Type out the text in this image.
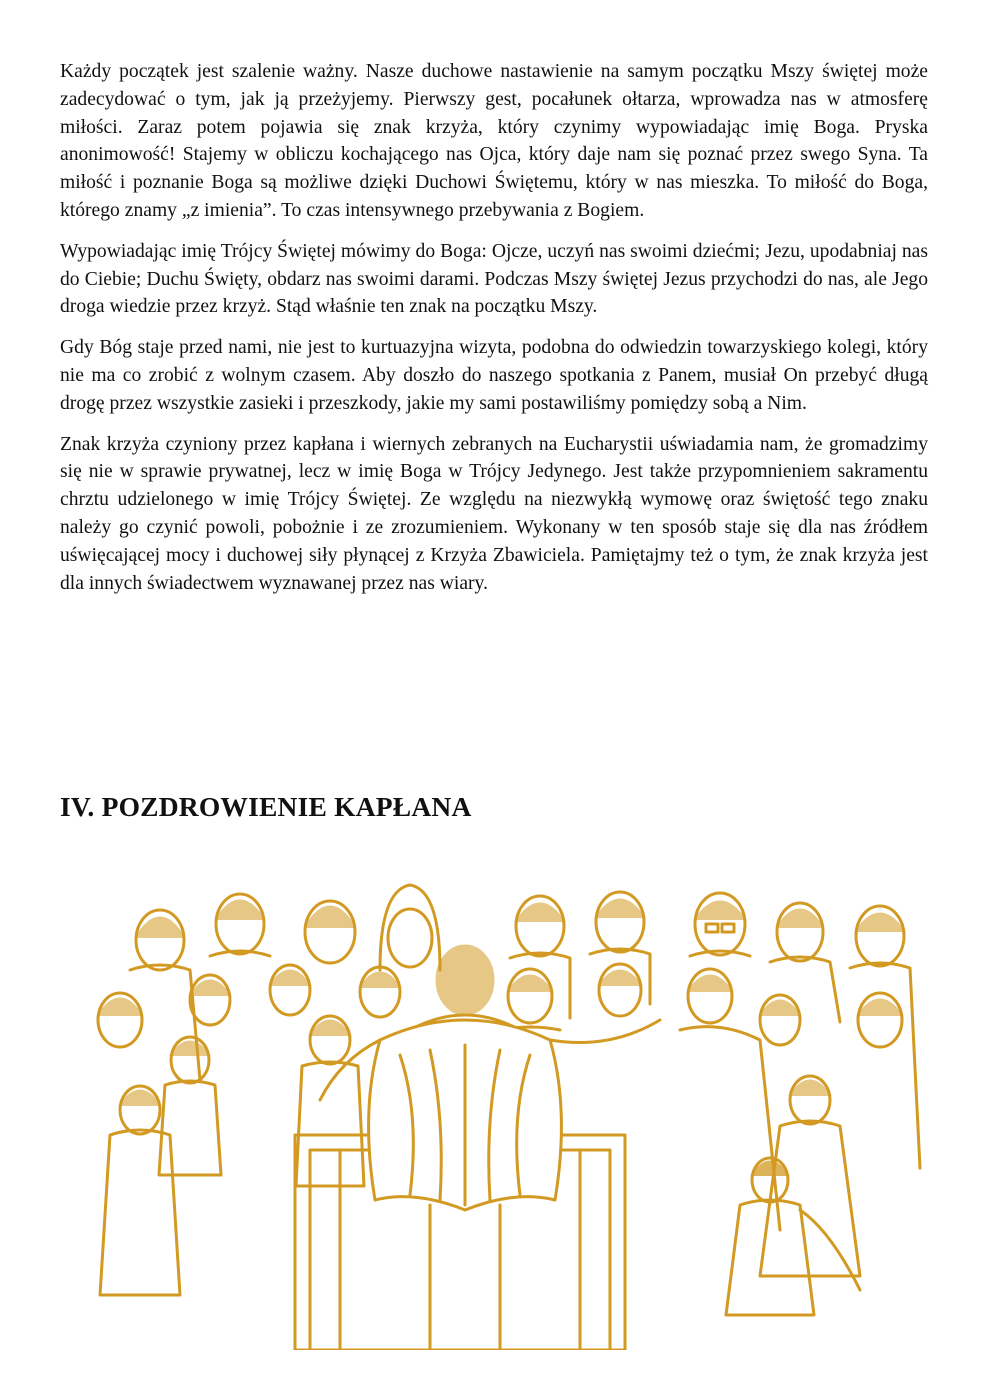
Każdy początek jest szalenie ważny. Nasze duchowe nastawienie na samym początku Mszy świętej może zadecydować o tym, jak ją przeżyjemy. Pierwszy gest, pocałunek ołtarza, wprowadza nas w atmosferę miłości. Zaraz potem pojawia się znak krzyża, który czynimy wypowiadając imię Boga. Pryska anonimowość! Stajemy w obliczu kochającego nas Ojca, który daje nam się poznać przez swego Syna. Ta miłość i poznanie Boga są możliwe dzięki Duchowi Świętemu, który w nas mieszka. To miłość do Boga, którego znamy „z imienia”. To czas intensywnego przebywania z Bogiem.

Wypowiadając imię Trójcy Świętej mówimy do Boga: Ojcze, uczyń nas swoimi dziećmi; Jezu, upodabniaj nas do Ciebie; Duchu Święty, obdarz nas swoimi darami. Podczas Mszy świętej Jezus przychodzi do nas, ale Jego droga wiedzie przez krzyż. Stąd właśnie ten znak na początku Mszy.

Gdy Bóg staje przed nami, nie jest to kurtuazyjna wizyta, podobna do odwiedzin towarzyskiego kolegi, który nie ma co zrobić z wolnym czasem. Aby doszło do naszego spotkania z Panem, musiał On przebyć długą drogę przez wszystkie zasieki i przeszkody, jakie my sami postawiliśmy pomiędzy sobą a Nim.

Znak krzyża czyniony przez kapłana i wiernych zebranych na Eucharystii uświadamia nam, że gromadzimy się nie w sprawie prywatnej, lecz w imię Boga w Trójcy Jedynego. Jest także przypomnieniem sakramentu chrztu udzielonego w imię Trójcy Świętej. Ze względu na niezwykłą wymowę oraz świętość tego znaku należy go czynić powoli, pobożnie i ze zrozumieniem. Wykonany w ten sposób staje się dla nas źródłem uświęcającej mocy i duchowej siły płynącej z Krzyża Zbawiciela. Pamiętajmy też o tym, że znak krzyża jest dla innych świadectwem wyznawanej przez nas wiary.

IV. POZDROWIENIE KAPŁANA
